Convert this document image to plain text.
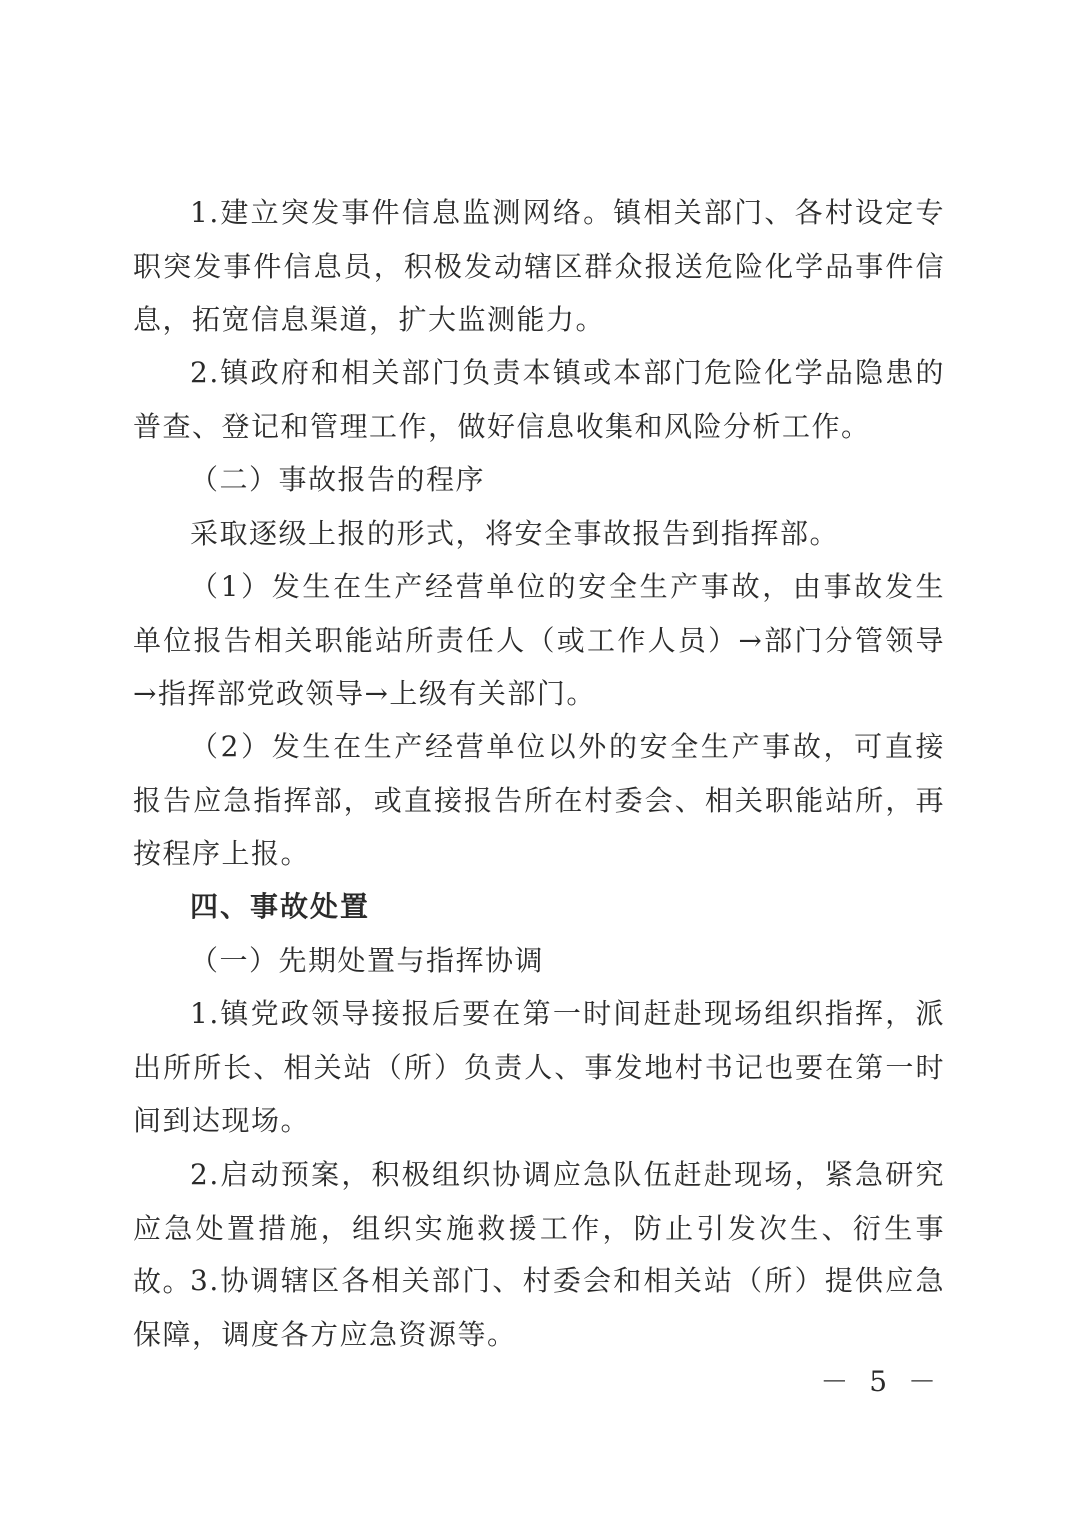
1.建立突发事件信息监测网络。镇相关部门、各村设定专职突发事件信息员，积极发动辖区群众报送危险化学品事件信息，拓宽信息渠道，扩大监测能力。

2.镇政府和相关部门负责本镇或本部门危险化学品隐患的普查、登记和管理工作，做好信息收集和风险分析工作。

（二）事故报告的程序

采取逐级上报的形式，将安全事故报告到指挥部。

（1）发生在生产经营单位的安全生产事故，由事故发生单位报告相关职能站所责任人（或工作人员）→部门分管领导→指挥部党政领导→上级有关部门。

（2）发生在生产经营单位以外的安全生产事故，可直接报告应急指挥部，或直接报告所在村委会、相关职能站所，再按程序上报。

四、事故处置

（一）先期处置与指挥协调

1.镇党政领导接报后要在第一时间赶赴现场组织指挥，派出所所长、相关站（所）负责人、事发地村书记也要在第一时间到达现场。

2.启动预案，积极组织协调应急队伍赶赴现场，紧急研究应急处置措施，组织实施救援工作，防止引发次生、衍生事故。

3.协调辖区各相关部门、村委会和相关站（所）提供应急保障，调度各方应急资源等。

－ 5 －
